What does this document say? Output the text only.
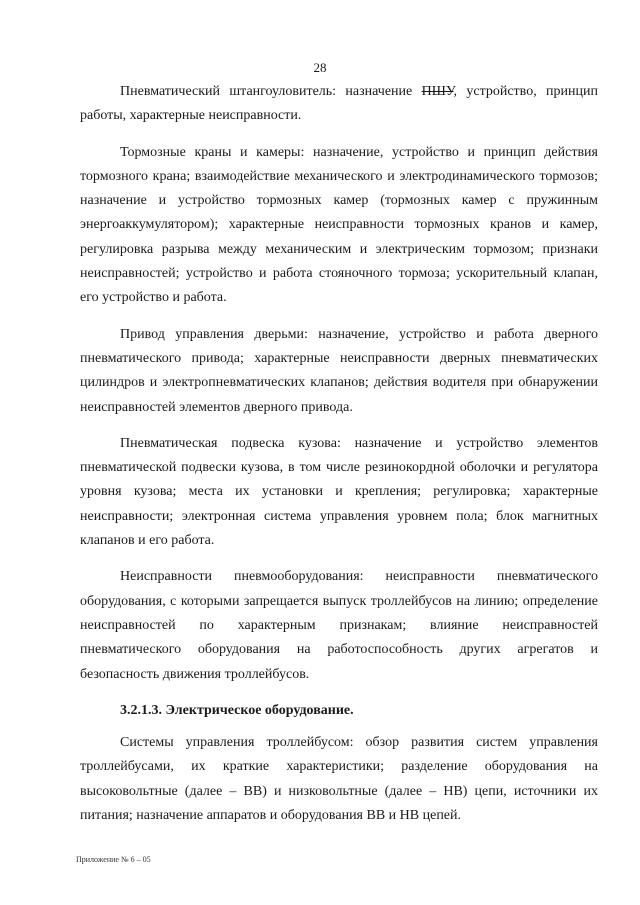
28

Пневматический штангоуловитель: назначение ПШУ, устройство, принцип работы, характерные неисправности.

Тормозные краны и камеры: назначение, устройство и принцип действия тормозного крана; взаимодействие механического и электродинамического тормозов; назначение и устройство тормозных камер (тормозных камер с пружинным энергоаккумулятором); характерные неисправности тормозных кранов и камер, регулировка разрыва между механическим и электрическим тормозом; признаки неисправностей; устройство и работа стояночного тормоза; ускорительный клапан, его устройство и работа.

Привод управления дверьми: назначение, устройство и работа дверного пневматического привода; характерные неисправности дверных пневматических цилиндров и электропневматических клапанов; действия водителя при обнаружении неисправностей элементов дверного привода.

Пневматическая подвеска кузова: назначение и устройство элементов пневматической подвески кузова, в том числе резинокордной оболочки и регулятора уровня кузова; места их установки и крепления; регулировка; характерные неисправности; электронная система управления уровнем пола; блок магнитных клапанов и его работа.

Неисправности пневмооборудования: неисправности пневматического оборудования, с которыми запрещается выпуск троллейбусов на линию; определение неисправностей по характерным признакам; влияние неисправностей пневматического оборудования на работоспособность других агрегатов и безопасность движения троллейбусов.

3.2.1.3. Электрическое оборудование.

Системы управления троллейбусом: обзор развития систем управления троллейбусами, их краткие характеристики; разделение оборудования на высоковольтные (далее – ВВ) и низковольтные (далее – НВ) цепи, источники их питания; назначение аппаратов и оборудования ВВ и НВ цепей.

Приложение № 6 – 05
